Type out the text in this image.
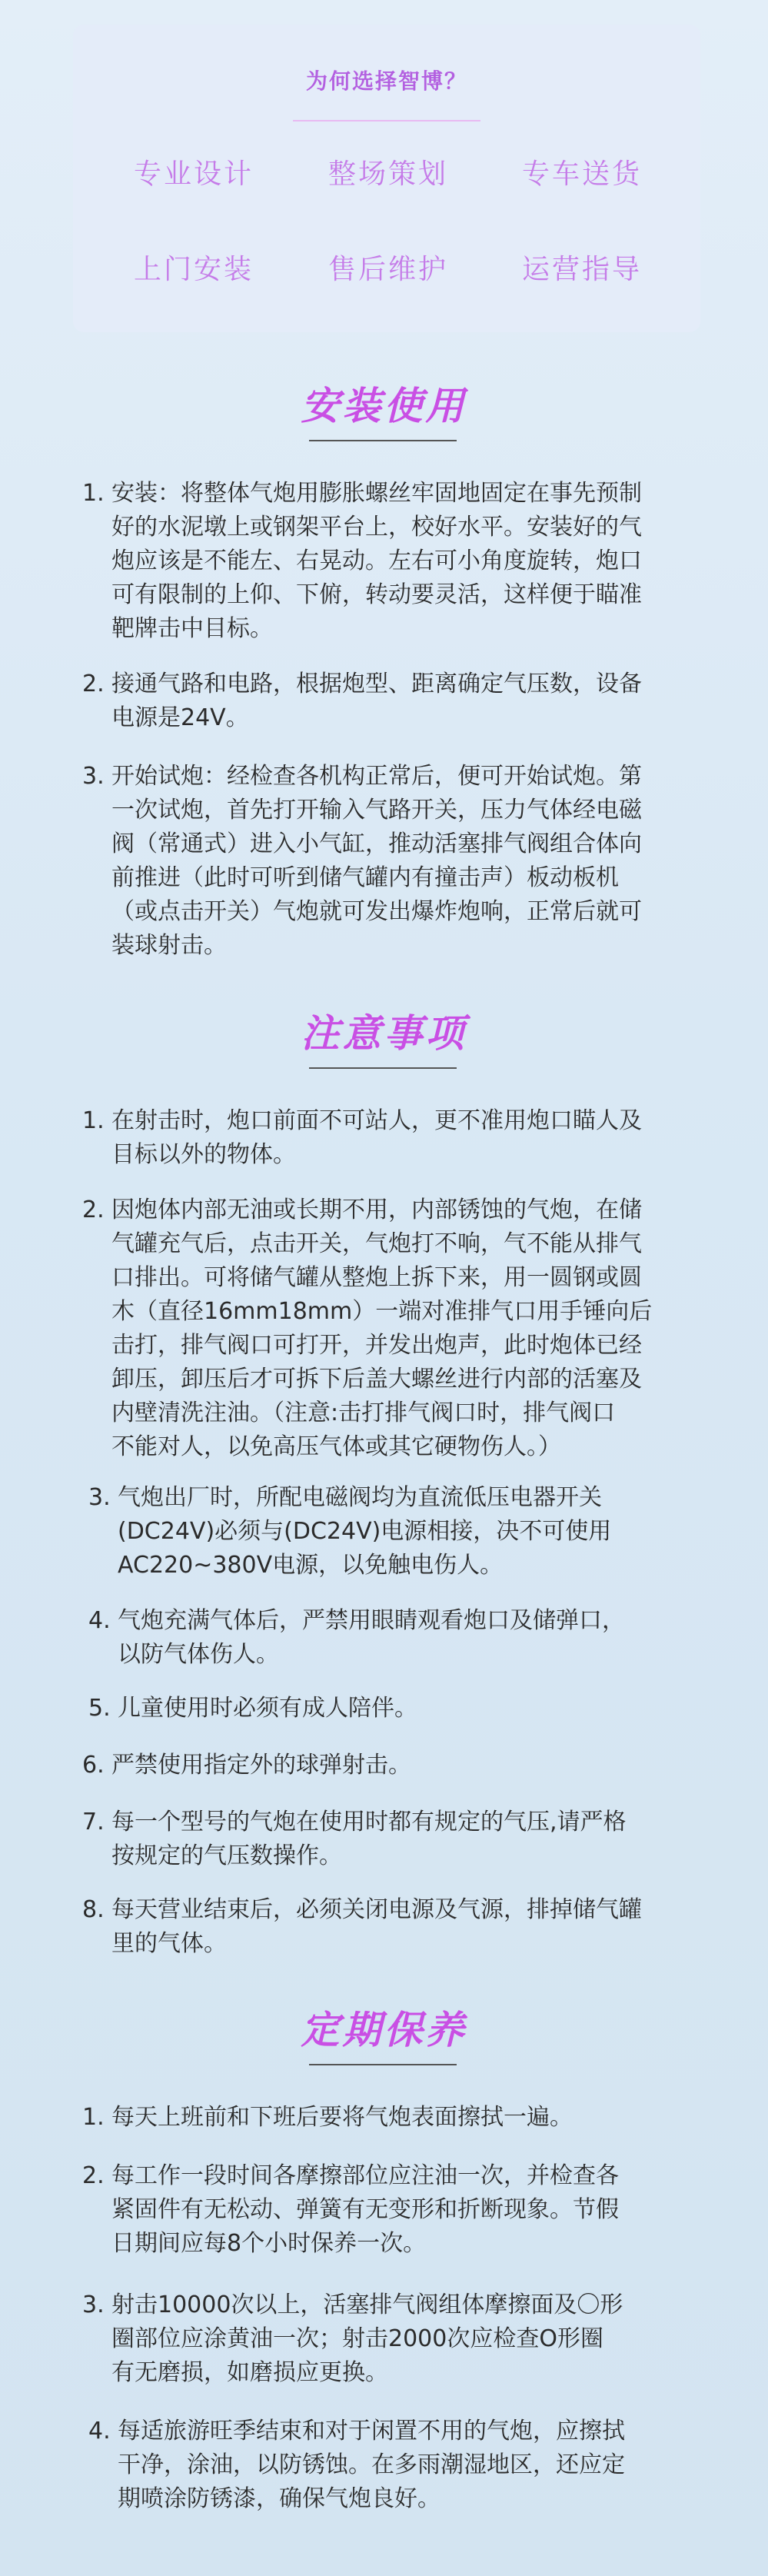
为何选择智博？
专业设计	整场策划	专车送货
上门安装	售后维护	运营指导
安装使用
1. 安装：将整体气炮用膨胀螺丝牢固地固定在事先预制
好的水泥墩上或钢架平台上，校好水平。安装好的气
炮应该是不能左、右晃动。左右可小角度旋转，炮口
可有限制的上仰、下俯，转动要灵活，这样便于瞄准
靶牌击中目标。
2. 接通气路和电路，根据炮型、距离确定气压数，设备
电源是24V。
3. 开始试炮：经检查各机构正常后，便可开始试炮。第
一次试炮，首先打开输入气路开关，压力气体经电磁
阀（常通式）进入小气缸，推动活塞排气阀组合体向
前推进（此时可听到储气罐内有撞击声）板动板机
（或点击开关）气炮就可发出爆炸炮响，正常后就可
装球射击。
注意事项
1. 在射击时，炮口前面不可站人，更不准用炮口瞄人及
目标以外的物体。
2. 因炮体内部无油或长期不用，内部锈蚀的气炮，在储
气罐充气后，点击开关，气炮打不响，气不能从排气
口排出。可将储气罐从整炮上拆下来，用一圆钢或圆
木（直径16mm18mm）一端对准排气口用手锤向后
击打，排气阀口可打开，并发出炮声，此时炮体已经
卸压，卸压后才可拆下后盖大螺丝进行内部的活塞及
内壁清洗注油。（注意:击打排气阀口时，排气阀口
不能对人，以免高压气体或其它硬物伤人。）
3. 气炮出厂时，所配电磁阀均为直流低压电器开关
(DC24V)必须与(DC24V)电源相接，决不可使用
AC220~380V电源，以免触电伤人。
4. 气炮充满气体后，严禁用眼睛观看炮口及储弹口，
以防气体伤人。
5. 儿童使用时必须有成人陪伴。
6. 严禁使用指定外的球弹射击。
7. 每一个型号的气炮在使用时都有规定的气压,请严格
按规定的气压数操作。
8. 每天营业结束后，必须关闭电源及气源，排掉储气罐
里的气体。
定期保养
1. 每天上班前和下班后要将气炮表面擦拭一遍。
2. 每工作一段时间各摩擦部位应注油一次，并检查各
紧固件有无松动、弹簧有无变形和折断现象。节假
日期间应每8个小时保养一次。
3. 射击10000次以上，活塞排气阀组体摩擦面及〇形
圈部位应涂黄油一次；射击2000次应检查O形圈
有无磨损，如磨损应更换。
4. 每适旅游旺季结束和对于闲置不用的气炮，应擦拭
干净，涂油，以防锈蚀。在多雨潮湿地区，还应定
期喷涂防锈漆，确保气炮良好。
